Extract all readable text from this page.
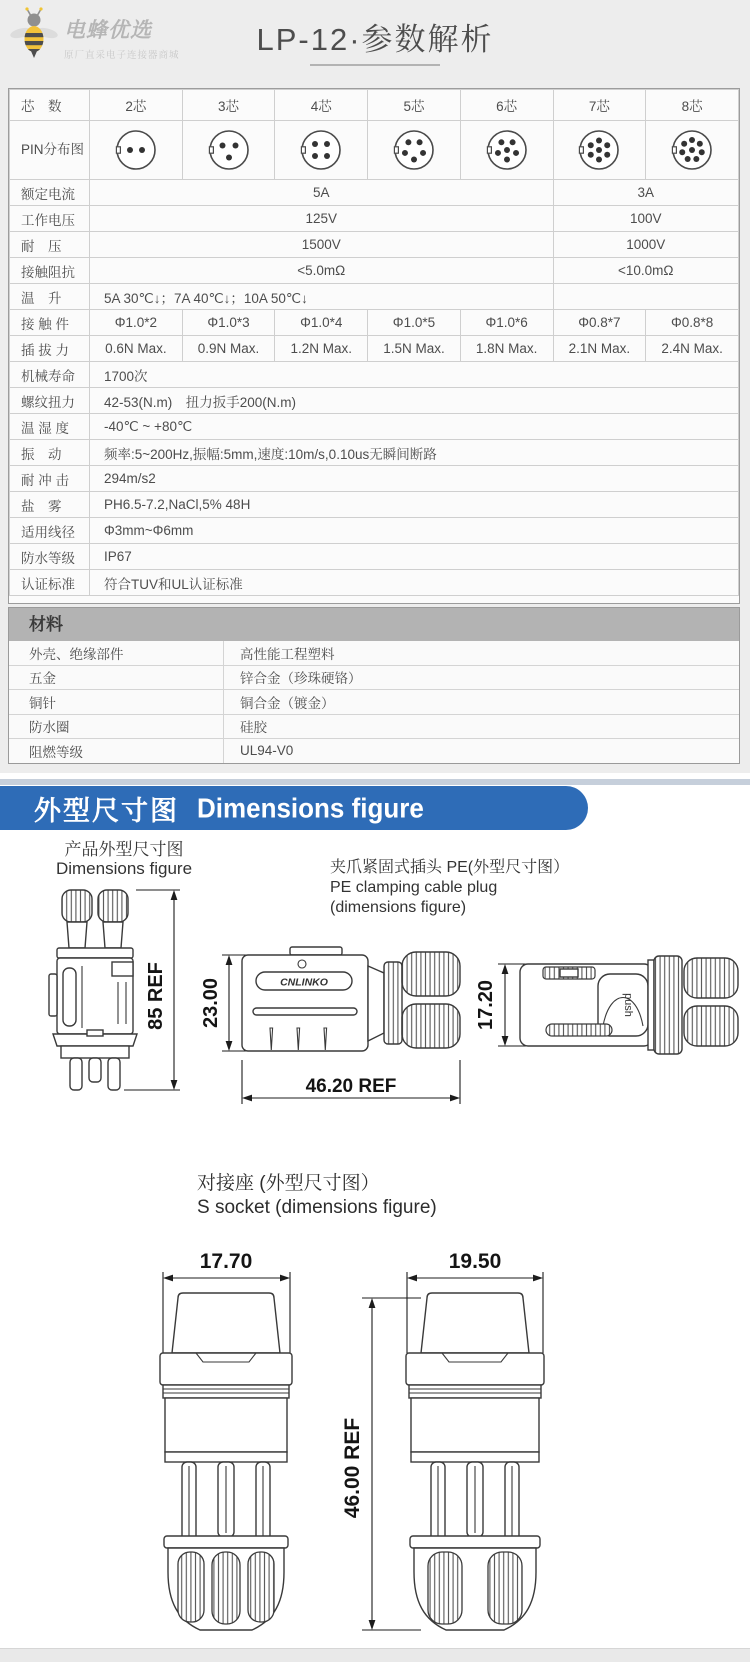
电蜂优选
原厂直采电子连接器商城	LP-12·参数解析
芯　数	2芯	3芯	4芯	5芯	6芯	7芯	8芯
PIN分布图							
额定电流	5A					3A	
工作电压	125V					100V	
耐　压	1500V					1000V	
接触阻抗	<5.0mΩ					<10.0mΩ	
温　升	5A 30℃↓；7A 40℃↓；10A 50℃↓						
接 触 件	Φ1.0*2	Φ1.0*3	Φ1.0*4	Φ1.0*5	Φ1.0*6	Φ0.8*7	Φ0.8*8
插 拔 力	0.6N Max.	0.9N Max.	1.2N Max.	1.5N Max.	1.8N Max.	2.1N Max.	2.4N Max.
机械寿命	1700次						
螺纹扭力	42-53(N.m)　扭力扳手200(N.m)						
温 湿 度	-40℃ ~ +80℃						
振　动	频率:5~200Hz,振幅:5mm,速度:10m/s,0.10us无瞬间断路						
耐 冲 击	294m/s2						
盐　雾	PH6.5-7.2,NaCl,5% 48H						
适用线径	Φ3mm~Φ6mm						
防水等级	IP67						
认证标准	符合TUV和UL认证标准						
材料
外壳、绝缘部件	高性能工程塑料
五金	锌合金（珍珠硬铬）
铜针	铜合金（镀金）
防水圈	硅胶
阻燃等级	UL94-V0
外型尺寸图 Dimensions figure
产品外型尺寸图
Dimensions figure	夹爪紧固式插头 PE(外型尺寸图）
PE clamping cable plug
(dimensions figure)
85 REF 23.00	CNLINKO
46.20 REF
17.20	push
对接座 (外型尺寸图）
S socket (dimensions figure)
17.70	19.50
46.00 REF
